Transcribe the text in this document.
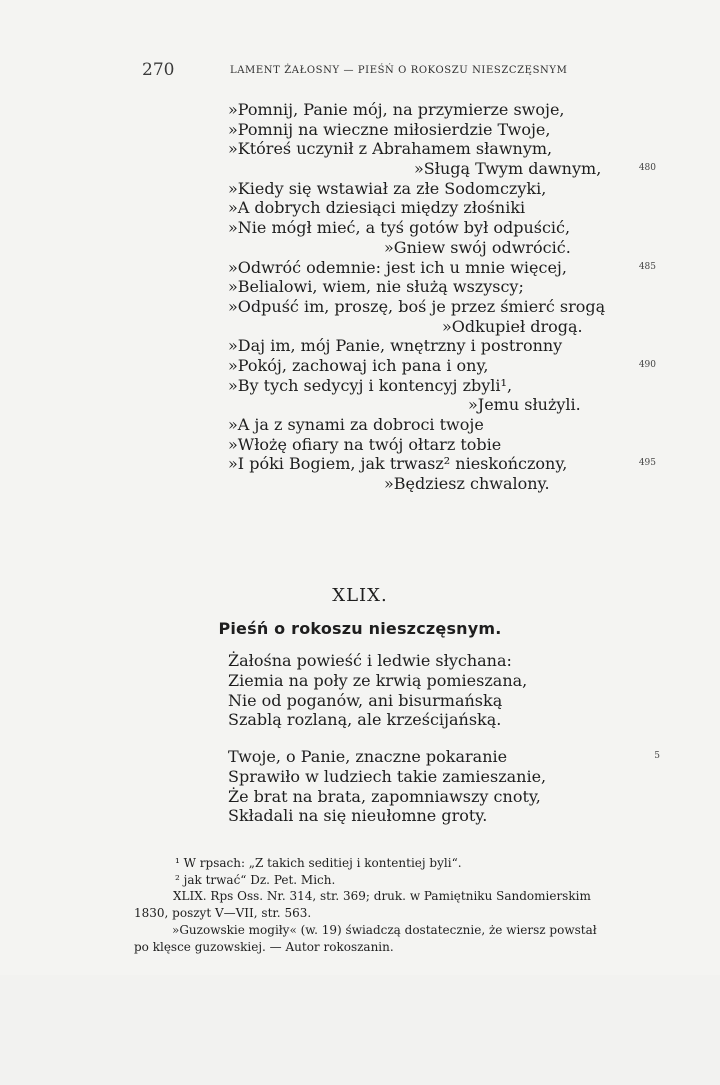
270	LAMENT ŻAŁOSNY — PIEŚŃ O ROKOSZU NIESZCZĘSNYM
»Pomnij, Panie mój, na przymierze swoje,
»Pomnij na wieczne miłosierdzie Twoje,
»Któreś uczynił z Abrahamem sławnym,
»Sługą Twym dawnym,	480
»Kiedy się wstawiał za złe Sodomczyki,
»A dobrych dziesiąci między złośniki
»Nie mógł mieć, a tyś gotów był odpuścić,
»Gniew swój odwrócić.
»Odwróć odemnie: jest ich u mnie więcej,	485
»Belialowi, wiem, nie służą wszyscy;
»Odpuść im, proszę, boś je przez śmierć srogą
»Odkupieł drogą.
»Daj im, mój Panie, wnętrzny i postronny
»Pokój, zachowaj ich pana i ony,	490
»By tych sedycyj i kontencyj zbyli¹,
»Jemu służyli.
»A ja z synami za dobroci twoje
»Włożę ofiary na twój ołtarz tobie
»I póki Bogiem, jak trwasz² nieskończony,	495
»Będziesz chwalony.
XLIX.
Pieśń o rokoszu nieszczęsnym.
Żałośna powieść i ledwie słychana:
Ziemia na poły ze krwią pomieszana,
Nie od poganów, ani bisurmańską
Szablą rozlaną, ale krześcijańską.
Twoje, o Panie, znaczne pokaranie	5
Sprawiło w ludziech takie zamieszanie,
Że brat na brata, zapomniawszy cnoty,
Składali na się nieułomne groty.
¹ W rpsach: „Z takich seditiej i kontentiej byli“.
² jak trwać“ Dz. Pet. Mich.
XLIX. Rps Oss. Nr. 314, str. 369; druk. w Pamiętniku Sandomierskim
1830, poszyt V—VII, str. 563.
»Guzowskie mogiły« (w. 19) świadczą dostatecznie, że wiersz powstał
po klęsce guzowskiej. — Autor rokoszanin.
